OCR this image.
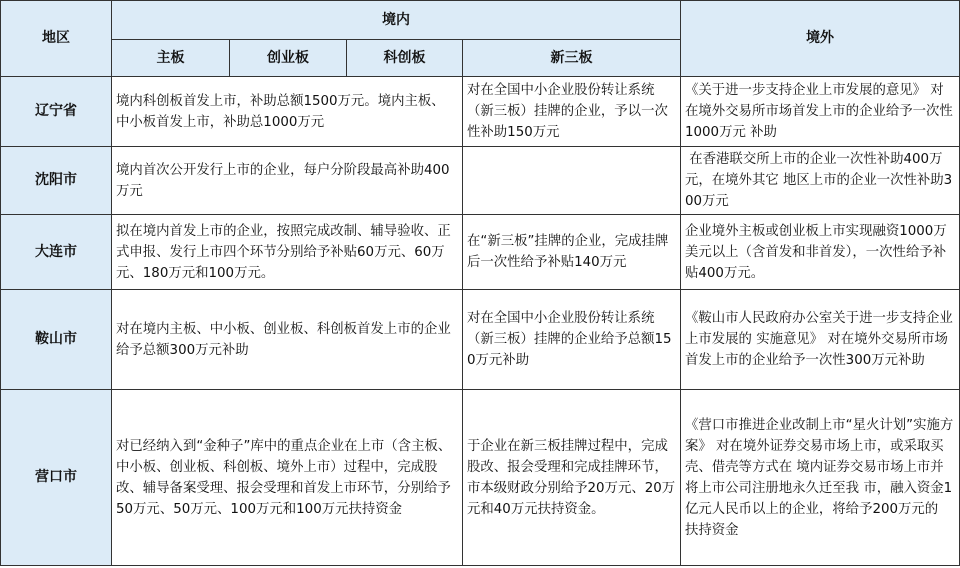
地区	境内				境外
	主板	创业板	科创板	新三板	
辽宁省	境内科创板首发上市，补助总额1500万元。境内主板、中小板首发上市，补助总1000万元			对在全国中小企业股份转让系统（新三板）挂牌的企业，予以一次性补助150万元	《关于进一步支持企业上市发展的意见》 对在境外交易所市场首发上市的企业给予一次性1000万元 补助
沈阳市	境内首次公开发行上市的企业，每户分阶段最高补助400万元				在香港联交所上市的企业一次性补助400万元，在境外其它 地区上市的企业一次性补助300万元
大连市	拟在境内首发上市的企业，按照完成改制、辅导验收、正式申报、发行上市四个环节分别给予补贴60万元、60万元、180万元和100万元。			在“新三板”挂牌的企业，完成挂牌后一次性给予补贴140万元	企业境外主板或创业板上市实现融资1000万美元以上（含首发和非首发），一次性给予补贴400万元。
鞍山市	对在境内主板、中小板、创业板、科创板首发上市的企业给予总额300万元补助			对在全国中小企业股份转让系统（新三板）挂牌的企业给予总额150万元补助	《鞍山市人民政府办公室关于进一步支持企业上市发展的 实施意见》 对在境外交易所市场首发上市的企业给予一次性300万元补助
营口市	对已经纳入到“金种子”库中的重点企业在上市（含主板、中小板、创业板、科创板、境外上市）过程中，完成股改、辅导备案受理、报会受理和首发上市环节，分别给予50万元、50万元、100万元和100万元扶持资金			于企业在新三板挂牌过程中，完成股改、报会受理和完成挂牌环节，市本级财政分别给予20万元、20万元和40万元扶持资金。	《营口市推进企业改制上市“星火计划”实施方案》 对在境外证券交易市场上市，或采取买壳、借壳等方式在 境内证券交易市场上市并将上市公司注册地永久迁至我 市，融入资金1亿元人民币以上的企业，将给予200万元的 扶持资金
